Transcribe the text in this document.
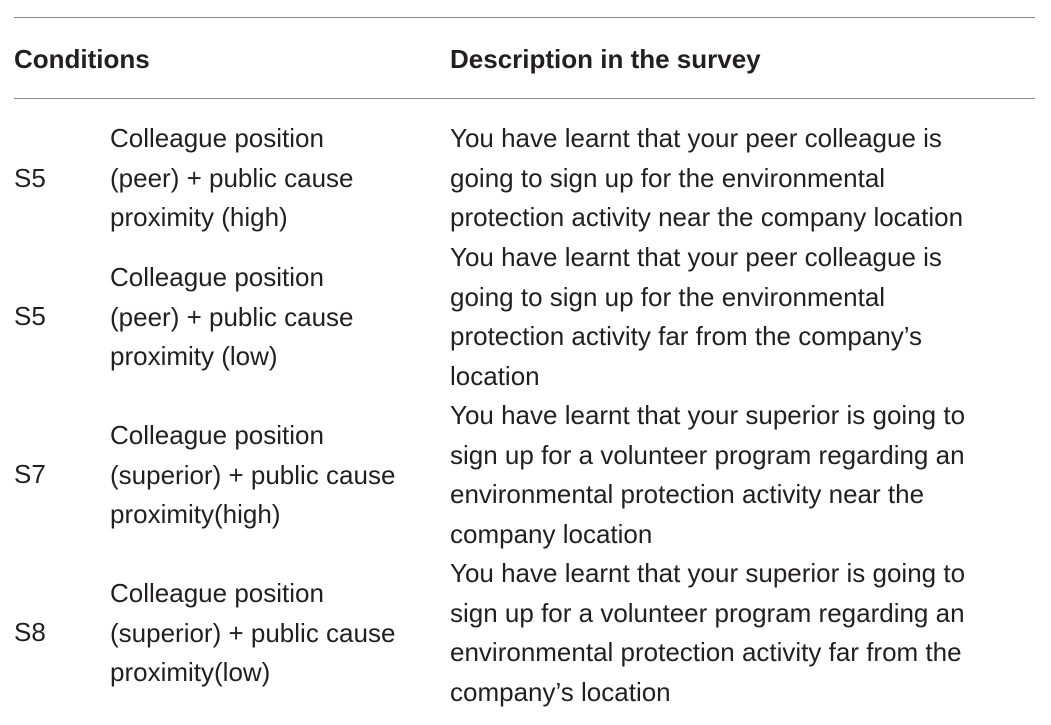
Conditions	Description in the survey
S5
Colleague position
(peer) + public cause
proximity (high)
You have learnt that your peer colleague is
going to sign up for the environmental
protection activity near the company location
S5
Colleague position
(peer) + public cause
proximity (low)
You have learnt that your peer colleague is
going to sign up for the environmental
protection activity far from the company’s
location
S7
Colleague position
(superior) + public cause
proximity(high)
You have learnt that your superior is going to
sign up for a volunteer program regarding an
environmental protection activity near the
company location
S8
Colleague position
(superior) + public cause
proximity(low)
You have learnt that your superior is going to
sign up for a volunteer program regarding an
environmental protection activity far from the
company’s location
